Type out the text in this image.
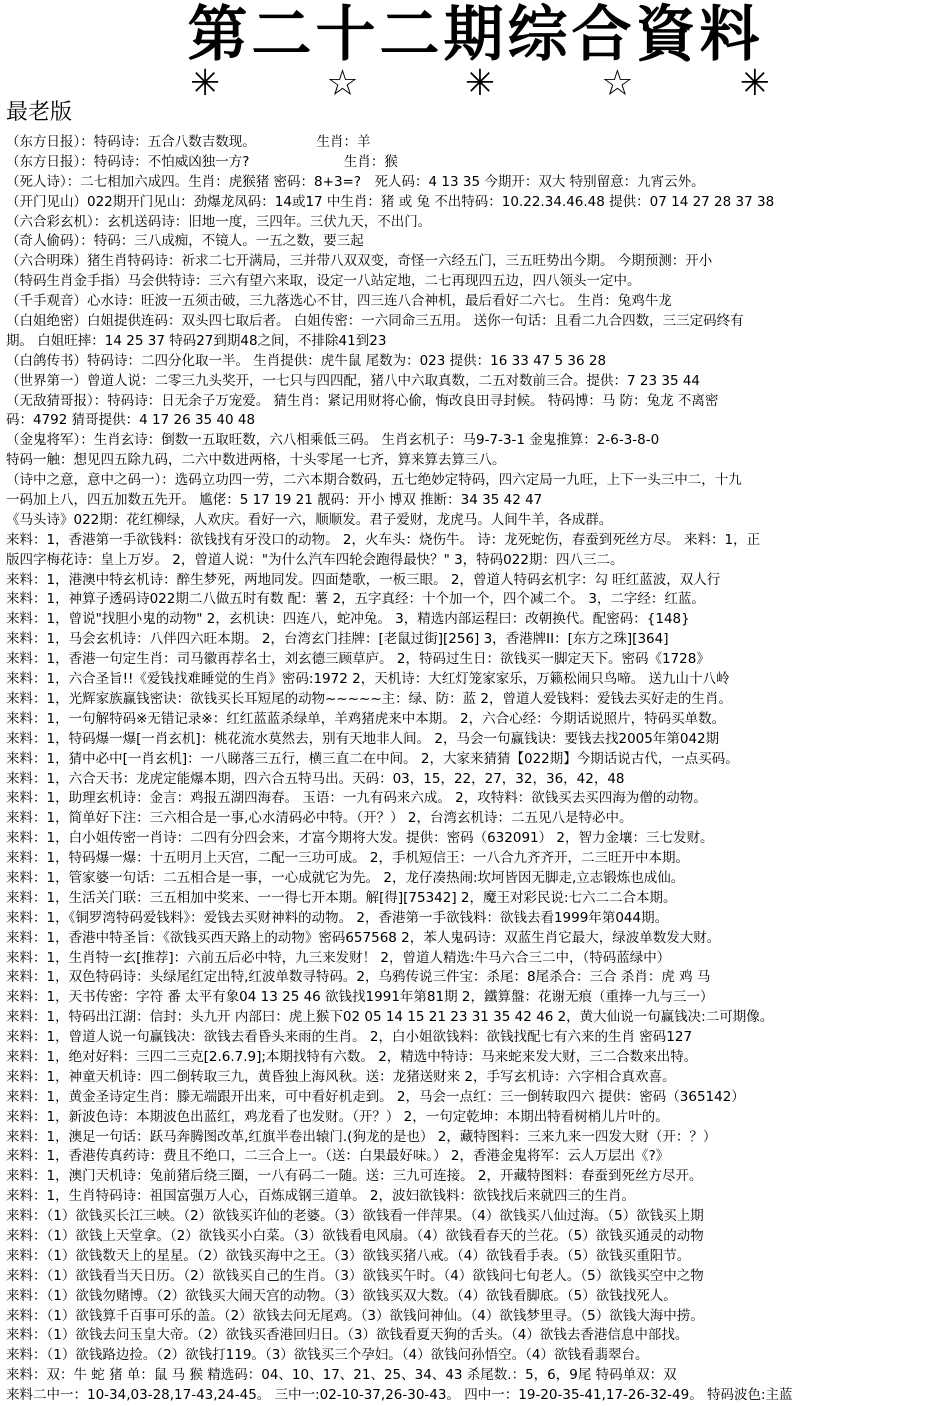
第二十二期综合資料
✳	☆	✳	☆	✳
最老版
（东方日报）：特码诗：五合八数吉数现。　　　　　生肖：羊
（东方日报）：特码诗：不怕威凶独一方?　　　　　　　生肖：猴
（死人诗）：二七相加六成四。生肖：虎猴猪 密码：8+3=?　死人码：4 13 35 今期开：双大 特别留意：九宵云外。
（开门见山）022期开门见山：劲爆龙凤码：14或17 中生肖：猪 或 兔 不出特码：10.22.34.46.48 提供：07 14 27 28 37 38
（六合彩玄机）：玄机送码诗：旧地一度，三四年。三伏九天，不出门。
（奇人偷码）：特码：三八成痴，不镜人。一五之数，要三起
（六合明珠）猪生肖特码诗：祈求二七开满局，三并带八双双变，奇怪一六经五门，三五旺势出今期。 今期预测：开小
（特码生肖金手指）马会供特诗：三六有望六来取，设定一八站定地，二七再现四五边，四八领头一定中。
（千手观音）心水诗：旺波一五须击破，三九落选心不甘，四三连八合神机，最后看好二六七。 生肖：兔鸡牛龙
（白姐绝密）白姐提供连码：双头四七取后者。 白姐传密：一六同命三五用。 送你一句话：且看二九合四数，三三定码终有
期。 白姐旺摔：14 25 37 特码27到期48之间，不排除41到23
（白鸽传书）特码诗：二四分化取一半。 生肖提供：虎牛鼠 尾数为：023 提供：16 33 47 5 36 28
（世界第一）曾道人说：二零三九头奖开，一七只与四四配，猪八中六取真数，二五对数前三合。提供：7 23 35 44
（无敌猜哥报）：特码诗：日无余子万宠爱。 猜生肖：紧记用财将心偷，悔改良田寻封候。 特码博：马 防：兔龙 不离密
码：4792 猜哥提供：4 17 26 35 40 48
（金鬼将军）：生肖玄诗：倒数一五取旺数，六八相乘低三码。 生肖玄机子：马9-7-3-1 金鬼推算：2-6-3-8-0
特码一触：想见四五除九码，二六中数进两格，十头零尾一七齐，算来算去算三八。
（诗中之意，意中之码一）：选码立功四一劳，二六本期合数码，五七绝妙定特码，四六定局一九旺，上下一头三中二，十九
一码加上八，四五加数五先开。 尴佬：5 17 19 21 靓码：开小 博双 推断：34 35 42 47
《马头诗》022期：花红柳绿，人欢庆。看好一六，顺顺发。君子爱财，龙虎马。人间牛羊，各成群。
来料：1，香港第一手欲钱料：欲钱找有牙没口的动物。 2，火车头：烧伤牛。 诗：龙死蛇伤，春蚕到死丝方尽。 来料：1，正
版四字梅花诗：皇上万岁。 2，曾道人说："为什么汽车四轮会跑得最快？" 3，特码022期：四八三二。
来料：1，港澳中特玄机诗：醉生梦死，两地同发。四面楚歌，一板三眼。 2，曾道人特码玄机字：勾 旺红蓝波，双人行
来料：1，神算子透码诗022期二八做五时有数 配：薯 2，五字真经：十个加一个，四个减二个。 3，二字经：红蓝。
来料：1，曾说"找胆小鬼的动物" 2，玄机诀：四连八，蛇冲兔。 3，精选内部运程曰：改朝换代。配密码：{148}
来料：1，马会玄机诗：八伴四六旺本期。 2，台湾玄门挂牌：[老鼠过街][256] 3，香港牌II：[东方之珠][364]
来料：1，香港一句定生肖：司马徽再荐名士，刘玄德三顾草庐。 2，特码过生日：欲钱买一脚定天下。密码《1728》
来料：1，六合圣旨!!《爱钱找难睡觉的生肖》密码:1972 2，天机诗：大红灯笼家家乐，万籁松闹只鸟啼。 送九山十八岭
来料：1，光辉家族赢钱密诀：欲钱买长耳短尾的动物~~~~~主：绿、防：蓝 2，曾道人爱钱料：爱钱去买好走的生肖。
来料：1，一句解特码※无错记录※：红红蓝蓝杀绿单，羊鸡猪虎来中本期。 2，六合心经：今期话说照片，特码买单数。
来料：1，特码爆一爆[一肖玄机]：桃花流水莫然去，别有天地非人间。 2，马会一句赢钱诀：要钱去找2005年第042期
来料：1，猜中必中[一肖玄机]：一八睇落三五行，横三直二在中间。 2，大家来猜猜【022期】今期话说古代，一点买码。
来料：1，六合天书：龙虎定能爆本期，四六合五特马出。天码：03，15，22，27，32，36，42，48
来料：1，助理玄机诗：金言：鸡报五湖四海春。 玉语：一九有码来六成。 2，攻特料：欲钱买去买四海为僧的动物。
来料：1，简单好下注：三六相合是一事,心水清码必中特。（开？） 2，台湾玄机诗：二五见八是特必中。
来料：1，白小姐传密一肖诗：二四有分四会来，才富今期将大发。提供：密码（632091） 2，智力金壤：三七发财。
来料：1，特码爆一爆：十五明月上天宫，二配一三功可成。 2，手机短信王：一八合九齐齐开，二三旺开中本期。
来料：1，管家婆一句话：二五相合是一事，一心成就它为先。 2，龙仔凑热闹:坎坷皆因无脚走,立志锻炼也成仙。
来料：1，生活关门联：三五相加中奖来、一一得七开本期。解[得][75342] 2，魔王对彩民说:七六二二合本期。
来料：1，《铜罗湾特码爱钱料》：爱钱去买财神料的动物。 2，香港第一手欲钱料：欲钱去看1999年第044期。
来料：1，香港中特圣旨：《欲钱买西天路上的动物》密码657568 2，苯人鬼码诗：双蓝生肖它最大，绿波单数发大财。
来料：1，生肖特一玄[推荐]：六前五后必中特，九三来发财！ 2，曾道人精选:牛马六合三二中，（特码蓝绿中）
来料：1，双色特码诗：头绿尾红定出特,红波单数寻特码。2，乌鸦传说三件宝：杀尾：8尾杀合：三合 杀肖：虎 鸡 马
来料：1，天书传密：字符 番 太平有象04 13 25 46 欲钱找1991年第81期 2，鐵算盤：花谢无痕（重捧一九与三一）
来料：1，特码出江湖：信封：头九开 内部曰：虎上猴下02 05 14 15 21 23 31 35 42 46 2，黄大仙说一句赢钱决:二可期像。
来料：1，曾道人说一句赢钱决：欲钱去看昏头来雨的生肖。 2，白小姐欲钱料：欲钱找配七有六来的生肖 密码127
来料：1，绝对好料：三四二三克[2.6.7.9];本期找特有六数。 2，精选中特诗：马来蛇来发大财，三二合数来出特。
来料：1，神童天机诗：四二倒转取三九，黄昏独上海风秋。送：龙猪送财来 2，手写玄机诗：六字相合真欢喜。
来料：1，黄金圣诗定生肖：滕无端跟开出来，可中看好机走到。 2，马会一点红：三一倒转取四六 提供：密码（365142）
来料：1，新波色诗：本期波色出蓝红，鸡龙看了也发财。（开？） 2，一句定乾坤：本期出特看树梢儿片叶的。
来料：1，澳足一句话：跃马奔腾图改革,红旗半卷出辕门.(狗龙的是也） 2，藏特图料：三来九来一四发大财（开：？）
来料：1，香港传真药诗：费且不绝口，二三合上一。（送：白果最好味。） 2，香港金鬼将军：云人万层出《?》
来料：1，澳门天机诗：兔前猪后绕三圈，一八有码二一随。送：三九可连接。 2，开藏特图料：春蚕到死丝方尽开。
来料：1，生肖特码诗：祖国富强万人心，百炼成钢三道单。 2，波妇欲钱料：欲钱找后来就四三的生肖。
来料：（1）欲钱买长江三峡。（2）欲钱买许仙的老婆。（3）欲钱看一伴萍果。（4）欲钱买八仙过海。（5）欲钱买上期
来料：（1）欲钱上天堂拿。（2）欲钱买小白菜。（3）欲钱看电风扇。（4）欲钱看春天的兰花。（5）欲钱买通灵的动物
来料：（1）欲钱数天上的星星。（2）欲钱买海中之王。（3）欲钱买猪八戒。（4）欲钱看手表。（5）欲钱买重阳节。
来料：（1）欲钱看当天日历。（2）欲钱买自己的生肖。（3）欲钱买午时。（4）欲钱问七旬老人。（5）欲钱买空中之物
来料：（1）欲钱勿赌博。（2）欲钱买大闹天宫的动物。（3）欲钱买双大数。（4）欲钱看脚底。（5）欲钱找死人。
来料：（1）欲钱算千百事可乐的盖。（2）欲钱去问无尾鸡。（3）欲钱问神仙。（4）欲钱梦里寻。（5）欲钱大海中捞。
来料：（1）欲钱去问玉皇大帝。（2）欲钱买香港回归日。（3）欲钱看夏天狗的舌头。（4）欲钱去香港信息中部找。
来料：（1）欲钱路边捡。（2）欲钱打119。（3）欲钱买三个孕妇。（4）欲钱问孙悟空。（4）欲钱看翡翠台。
来料：双：牛 蛇 猪 单：鼠 马 猴 精选码：04、10、17、21、25、34、43 杀尾数.：5，6，9尾 特码单双：双
来料二中一：10-34,03-28,17-43,24-45。 三中一:02-10-37,26-30-43。 四中一：19-20-35-41,17-26-32-49。 特码波色:主蓝
